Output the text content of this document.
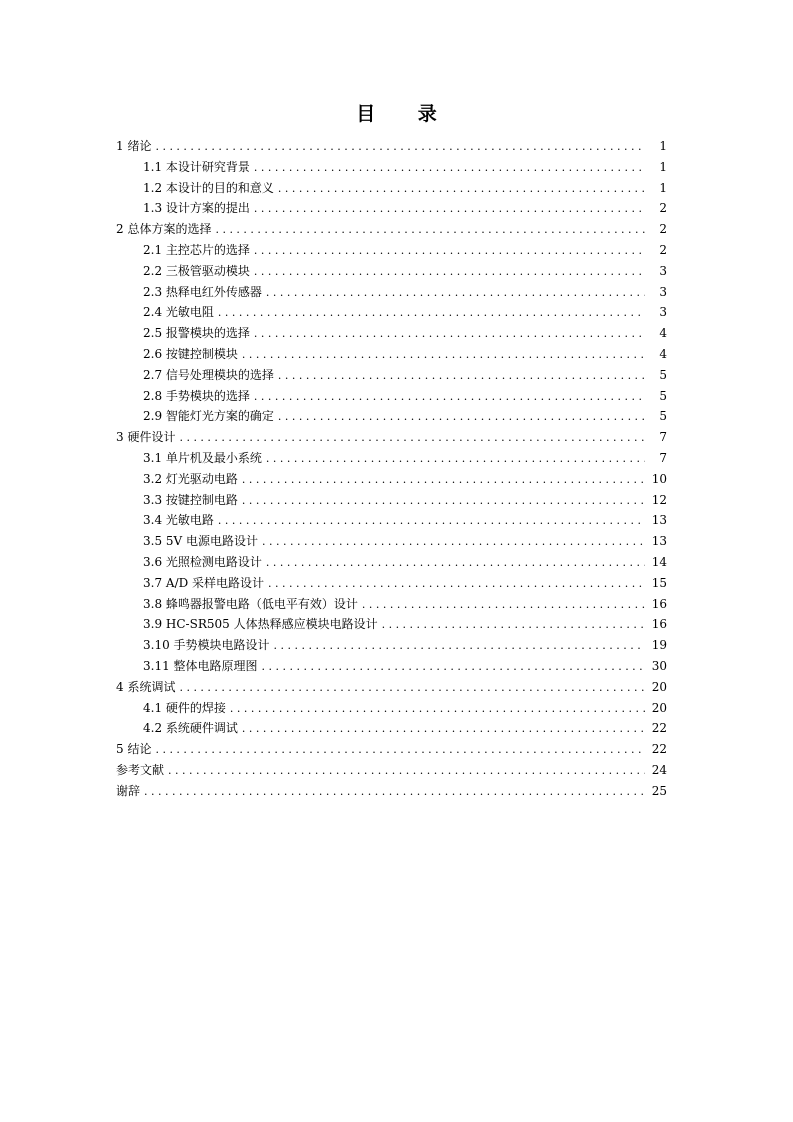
目 录
1 绪论 . . .	1
1.1 本设计研究背景 . . .	1
1.2 本设计的目的和意义 . . .	1
1.3 设计方案的提出 . . .	2
2 总体方案的选择 . . .	2
2.1 主控芯片的选择 . . .	2
2.2 三极管驱动模块 . . .	3
2.3 热释电红外传感器 . . .	3
2.4 光敏电阻 . . .	3
2.5 报警模块的选择 . . .	4
2.6 按键控制模块 . . .	4
2.7 信号处理模块的选择 . . .	5
2.8 手势模块的选择 . . .	5
2.9 智能灯光方案的确定 . . .	5
3 硬件设计 . . .	7
3.1 单片机及最小系统 . . .	7
3.2 灯光驱动电路 . . .	10
3.3 按键控制电路 . . .	12
3.4 光敏电路 . . .	13
3.5 5V 电源电路设计 . . .	13
3.6 光照检测电路设计 . . .	14
3.7 A/D 采样电路设计 . . .	15
3.8 蜂鸣器报警电路（低电平有效）设计 . . .	16
3.9 HC-SR505 人体热释感应模块电路设计 . . .	16
3.10 手势模块电路设计 . . .	19
3.11 整体电路原理图 . . .	30
4 系统调试 . . .	20
4.1 硬件的焊接 . . .	20
4.2 系统硬件调试 . . .	22
5 结论 . . .	22
参考文献 . . .	24
谢辞 . . .	25
